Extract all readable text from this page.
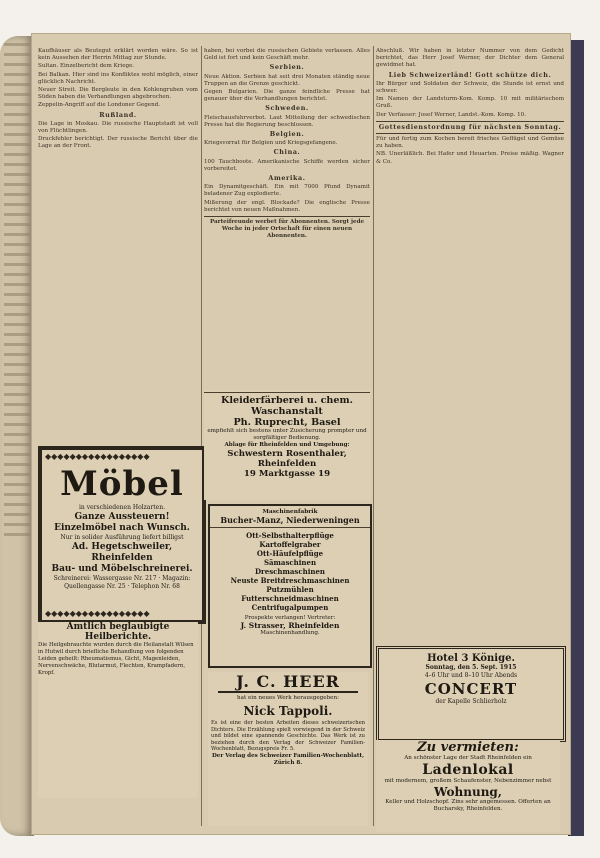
Kaufhäuser als Beutegut erklärt worden wäre. So ist kein Aussehen der Herrin Mittag zur Stunde.

Sultan. Einzelbericht dem Kriege.

Bei Balkan. Hier sind ins Konfliktes wohl möglich, einer glücklich Nachricht.

Neuer Streit. Die Bergleute in den Kohlengruben vom Süden haben die Verhandlungen abgebrochen.

Zeppelin-Angriff auf die Londoner Gegend.

Rußland.

Die Lage in Moskau. Die russische Hauptstadt ist voll von Flüchtlingen.

Druckfehler berichtigt. Der russische Bericht über die Lage an der Front.

haben, bei vorbei die russischen Gebiete verlassen. Alles Geld ist fort und kein Geschäft mehr.

Serbien.

Neue Aktion. Serbien hat seit drei Monaten ständig neue Truppen an die Grenze geschickt.

Gegen Bulgarien. Die ganze feindliche Presse hat genauer über die Verhandlungen berichtet.

Schweden.

Fleischausfuhrverbot. Laut Mitteilung der schwedischen Presse hat die Regierung beschlossen.

Belgien.

Kriegsvorrat für Belgien und Kriegsgefangene.

China.

100 Tauchboote. Amerikanische Schiffe werden sicher vorbereitet.

Amerika.

Ein Dynamitgeschäft. Ein mit 7000 Pfund Dynamit beladener Zug explodierte.

Mißerung der engl. Blockade? Die englische Presse berichtet von neuen Maßnahmen.

Parteifreunde werbet für Abonnenten. Sorgt jede Woche in jeder Ortschaft für einen neuen Abonnenten.

Abschluß. Wir haben in letzter Nummer von dem Gedicht berichtet, das Herr Josef Werner, der Dichter dem General gewidmet hat.

Lieb Schweizerländ! Gott schütze dich.

Ihr Bürger und Soldaten der Schweiz, die Stunde ist ernst und schwer.

Im Namen der Landsturm-Kom. Komp. 10 mit militärischem Gruß.

Der Verfasser: Josef Werner, Landst.-Kom. Komp. 10.

Gottesdienstordnung für nächsten Sonntag.

Für und fertig zum Kochen bereit frisches Geflügel und Gemüse zu haben.

NB. Unerläßlich. Bei Hafer und Heuarten. Preise mäßig. Wagner & Co.

◆◆◆◆◆◆◆◆◆◆◆◆◆◆◆◆◆
Möbel
in verschiedenen Holzarten.
Ganze Aussteuern! Einzelmöbel nach Wunsch.
Nur in solider Ausführung liefert billigst
Ad. Hegetschweiler, Rheinfelden
Bau- und Möbelschreinerei.
Schreinerei: Wassergasse Nr. 217 · Magazin: Quellengasse Nr. 25 · Telephon Nr. 68
◆◆◆◆◆◆◆◆◆◆◆◆◆◆◆◆◆
Amtlich beglaubigte Heilberichte.
Die Heilgebrauchte wurden durch die Heilanstalt Wilsen in Hutwil durch briefliche Behandlung von folgenden Leiden geheilt: Rheumatismus, Gicht, Magenleiden, Nervenschwäche, Blutarmut, Flechten, Krampfadern, Kropf.
Kleiderfärberei u. chem. Waschanstalt
Ph. Ruprecht, Basel
empfiehlt sich bestens unter Zusicherung prompter und sorgfältiger Bedienung.
Ablage für Rheinfelden und Umgebung:
Schwestern Rosenthaler, Rheinfelden
19 Marktgasse 19
Maschinenfabrik
Bucher-Manz, Niederweningen
Ott-Selbsthalterpflüge
Kartoffelgraber
Ott-Häufelpflüge
Sämaschinen
Dreschmaschinen
Neuste Breitdreschmaschinen
Putzmühlen
Futterschneidmaschinen
Centrifugalpumpen
Prospekte verlangen! Vertreter:
J. Strasser, Rheinfelden
Maschinenhandlung.
J. C. HEER
hat ein neues Werk herausgegeben:
Nick Tappoli.
Es ist eine der besten Arbeiten dieses schweizerischen Dichters. Die Erzählung spielt vorwiegend in der Schweiz und bildet eine spannende Geschichte. Das Werk ist zu beziehen durch den Verlag der Schweizer Familien-Wochenblatt, Bezugspreis Fr. 5.
Der Verlag des Schweizer Familien-Wochenblatt, Zürich 8.
Hotel 3 Könige.
Sonntag, den 5. Sept. 1915
4–6 Uhr und 8–10 Uhr Abends
CONCERT
der Kapelle Schlierholz
Zu vermieten:
An schönster Lage der Stadt Rheinfelden ein
Ladenlokal
mit modernem, großem Schaufenster, Nebenzimmer nebst
Wohnung,
Keller und Holzschopf. Zins sehr angemessen. Offerten an Bucharsky, Rheinfelden.
